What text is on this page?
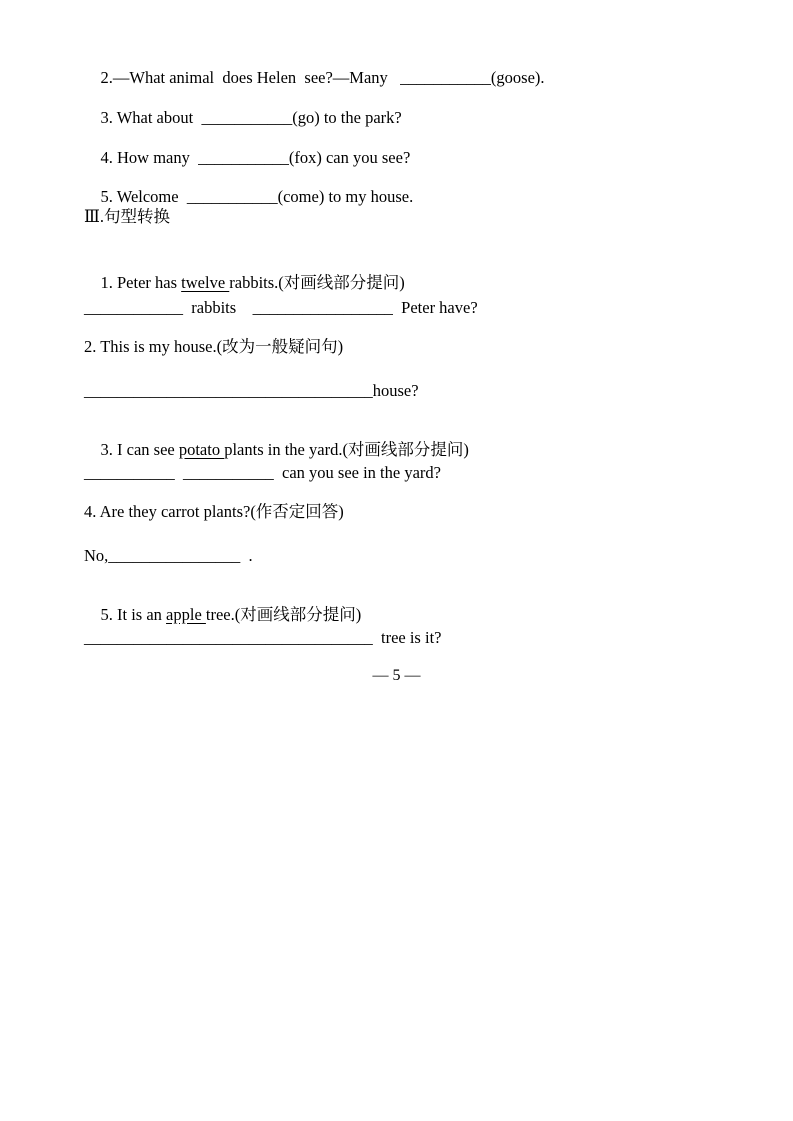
2.—What animal  does Helen  see?—Many   ___________(goose).

3. What about  ___________(go) to the park?

4. How many  ___________(fox) can you see?

5. Welcome  ___________(come) to my house.

Ⅲ.句型转换

1. Peter has twelve rabbits.(对画线部分提问)

____________  rabbits    _________________  Peter have?
2. This is my house.(改为一般疑问句)
___________________________________house?

3. I can see potato plants in the yard.(对画线部分提问)

___________  ___________  can you see in the yard?
4. Are they carrot plants?(作否定回答)
No,________________  .

5. It is an apple tree.(对画线部分提问)

___________________________________  tree is it?
— 5 —
